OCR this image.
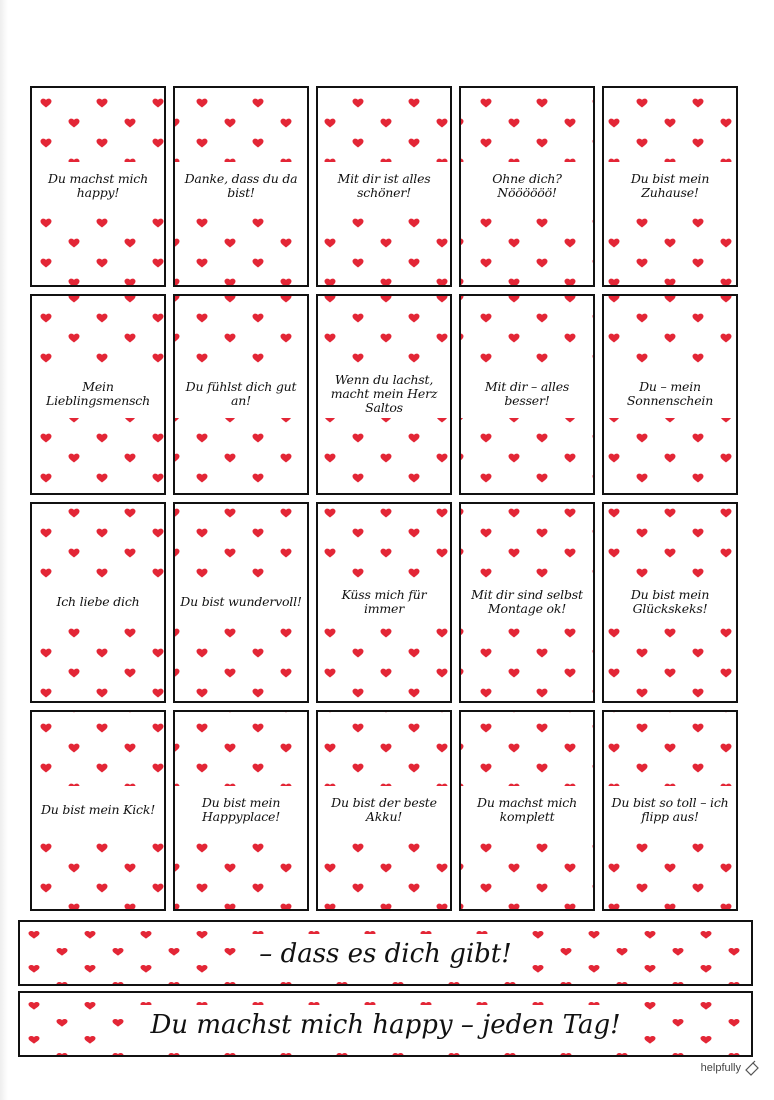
Du machst mich happy!
Danke, dass du da bist!
Mit dir ist alles schöner!
Ohne dich? Nöööööö!
Du bist mein Zuhause!
Mein Lieblingsmensch
Du fühlst dich gut an!
Wenn du lachst, macht mein Herz Saltos
Mit dir – alles besser!
Du – mein Sonnenschein
Ich liebe dich	Du bist wundervoll!	Küss mich für immer
Mit dir sind selbst Montage ok!
Du bist mein Glückskeks!
Du bist mein Kick!	Du bist mein Happyplace!
Du bist der beste Akku!
Du machst mich komplett
Du bist so toll – ich flipp aus!
– dass es dich gibt!
Du machst mich happy – jeden Tag!
helpfully
